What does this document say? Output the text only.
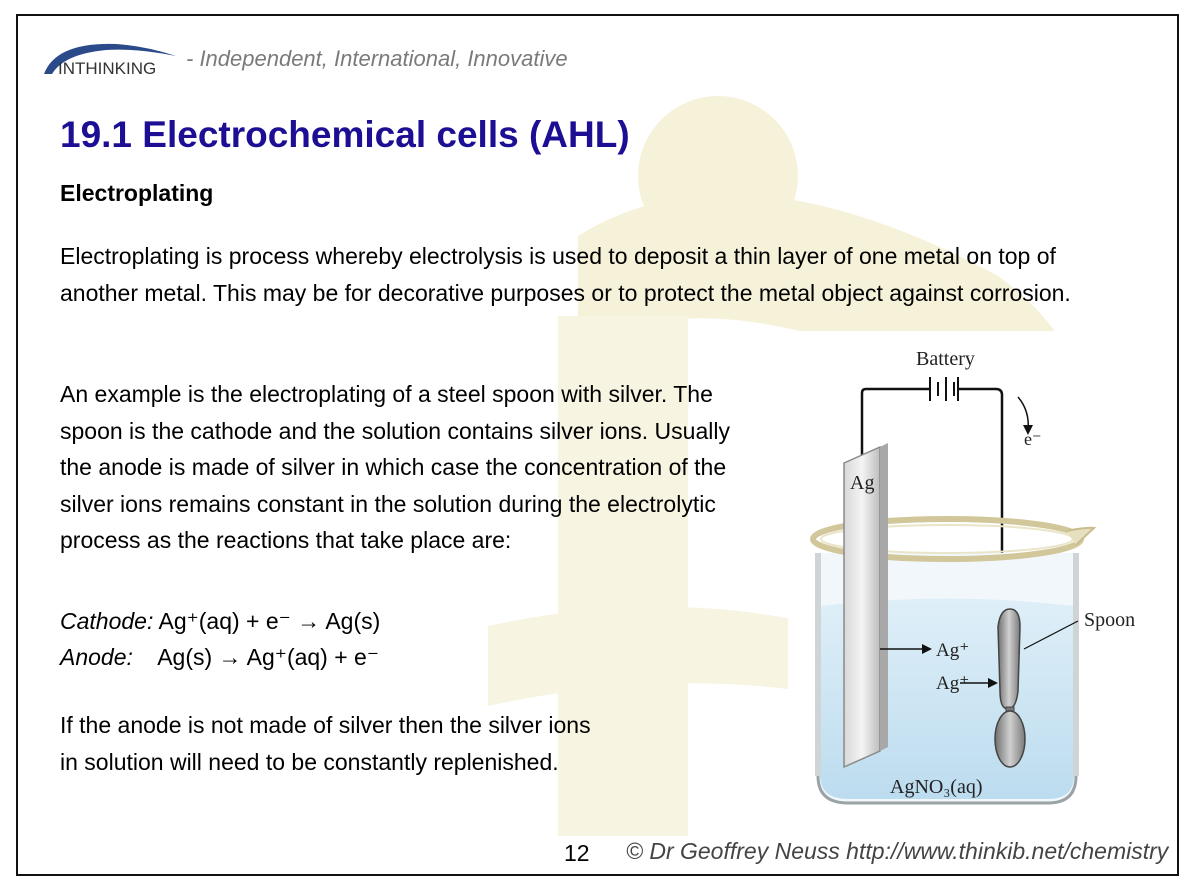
INTHINKING - Independent, International, Innovative
19.1 Electrochemical cells (AHL)
Electroplating

Electroplating is process whereby electrolysis is used to deposit a thin layer of one metal on top of another metal. This may be for decorative purposes or to protect the metal object against corrosion.

An example is the electroplating of a steel spoon with silver. The spoon is the cathode and the solution contains silver ions. Usually the anode is made of silver in which case the concentration of the silver ions remains constant in the solution during the electrolytic process as the reactions that take place are:

Cathode: Ag⁺(aq) + e⁻ → Ag(s)
Anode: Ag(s) → Ag⁺(aq) + e⁻

If the anode is not made of silver then the silver ions in solution will need to be constantly replenished.

Battery
e⁻
Ag
Spoon
Ag⁺
Ag⁺
AgNO₃(aq)
12 © Dr Geoffrey Neuss http://www.thinkib.net/chemistry
